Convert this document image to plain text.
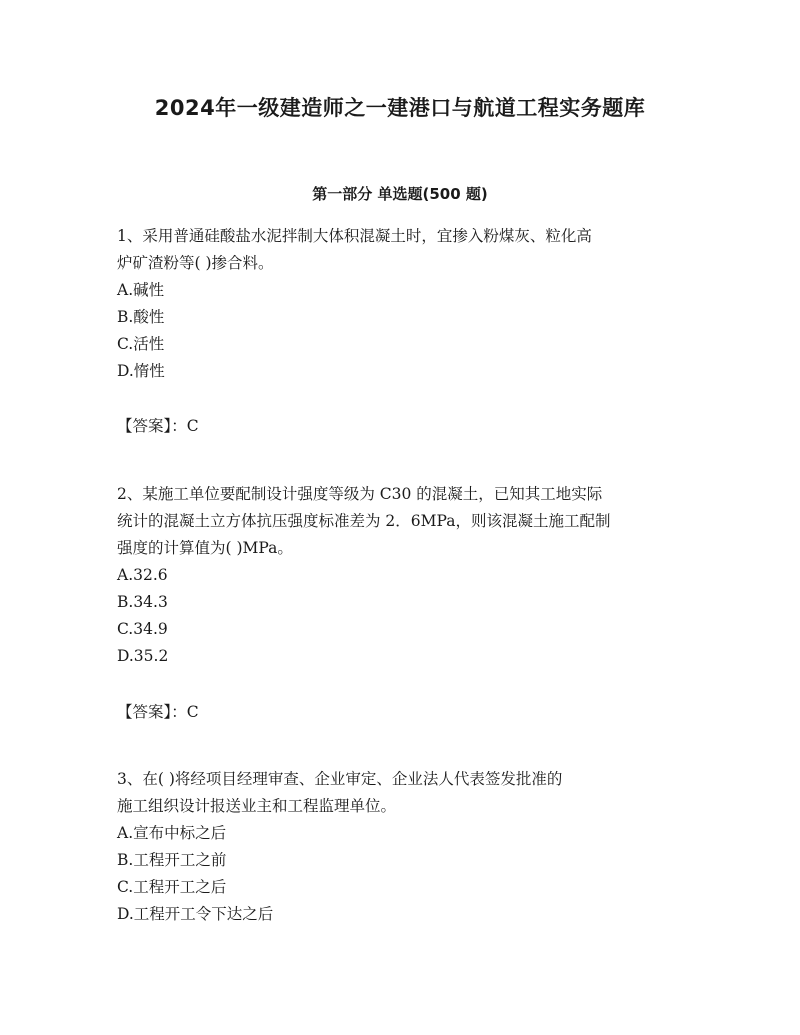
2024年一级建造师之一建港口与航道工程实务题库
第一部分 单选题(500 题)
1、采用普通硅酸盐水泥拌制大体积混凝土时，宜掺入粉煤灰、粒化高
炉矿渣粉等( )掺合料。
A.碱性
B.酸性
C.活性
D.惰性
【答案】：C
2、某施工单位要配制设计强度等级为 C30 的混凝土，已知其工地实际
统计的混凝土立方体抗压强度标准差为 2．6MPa，则该混凝土施工配制
强度的计算值为( )MPa。
A.32.6
B.34.3
C.34.9
D.35.2
【答案】：C
3、在( )将经项目经理审查、企业审定、企业法人代表签发批准的
施工组织设计报送业主和工程监理单位。
A.宣布中标之后
B.工程开工之前
C.工程开工之后
D.工程开工令下达之后
